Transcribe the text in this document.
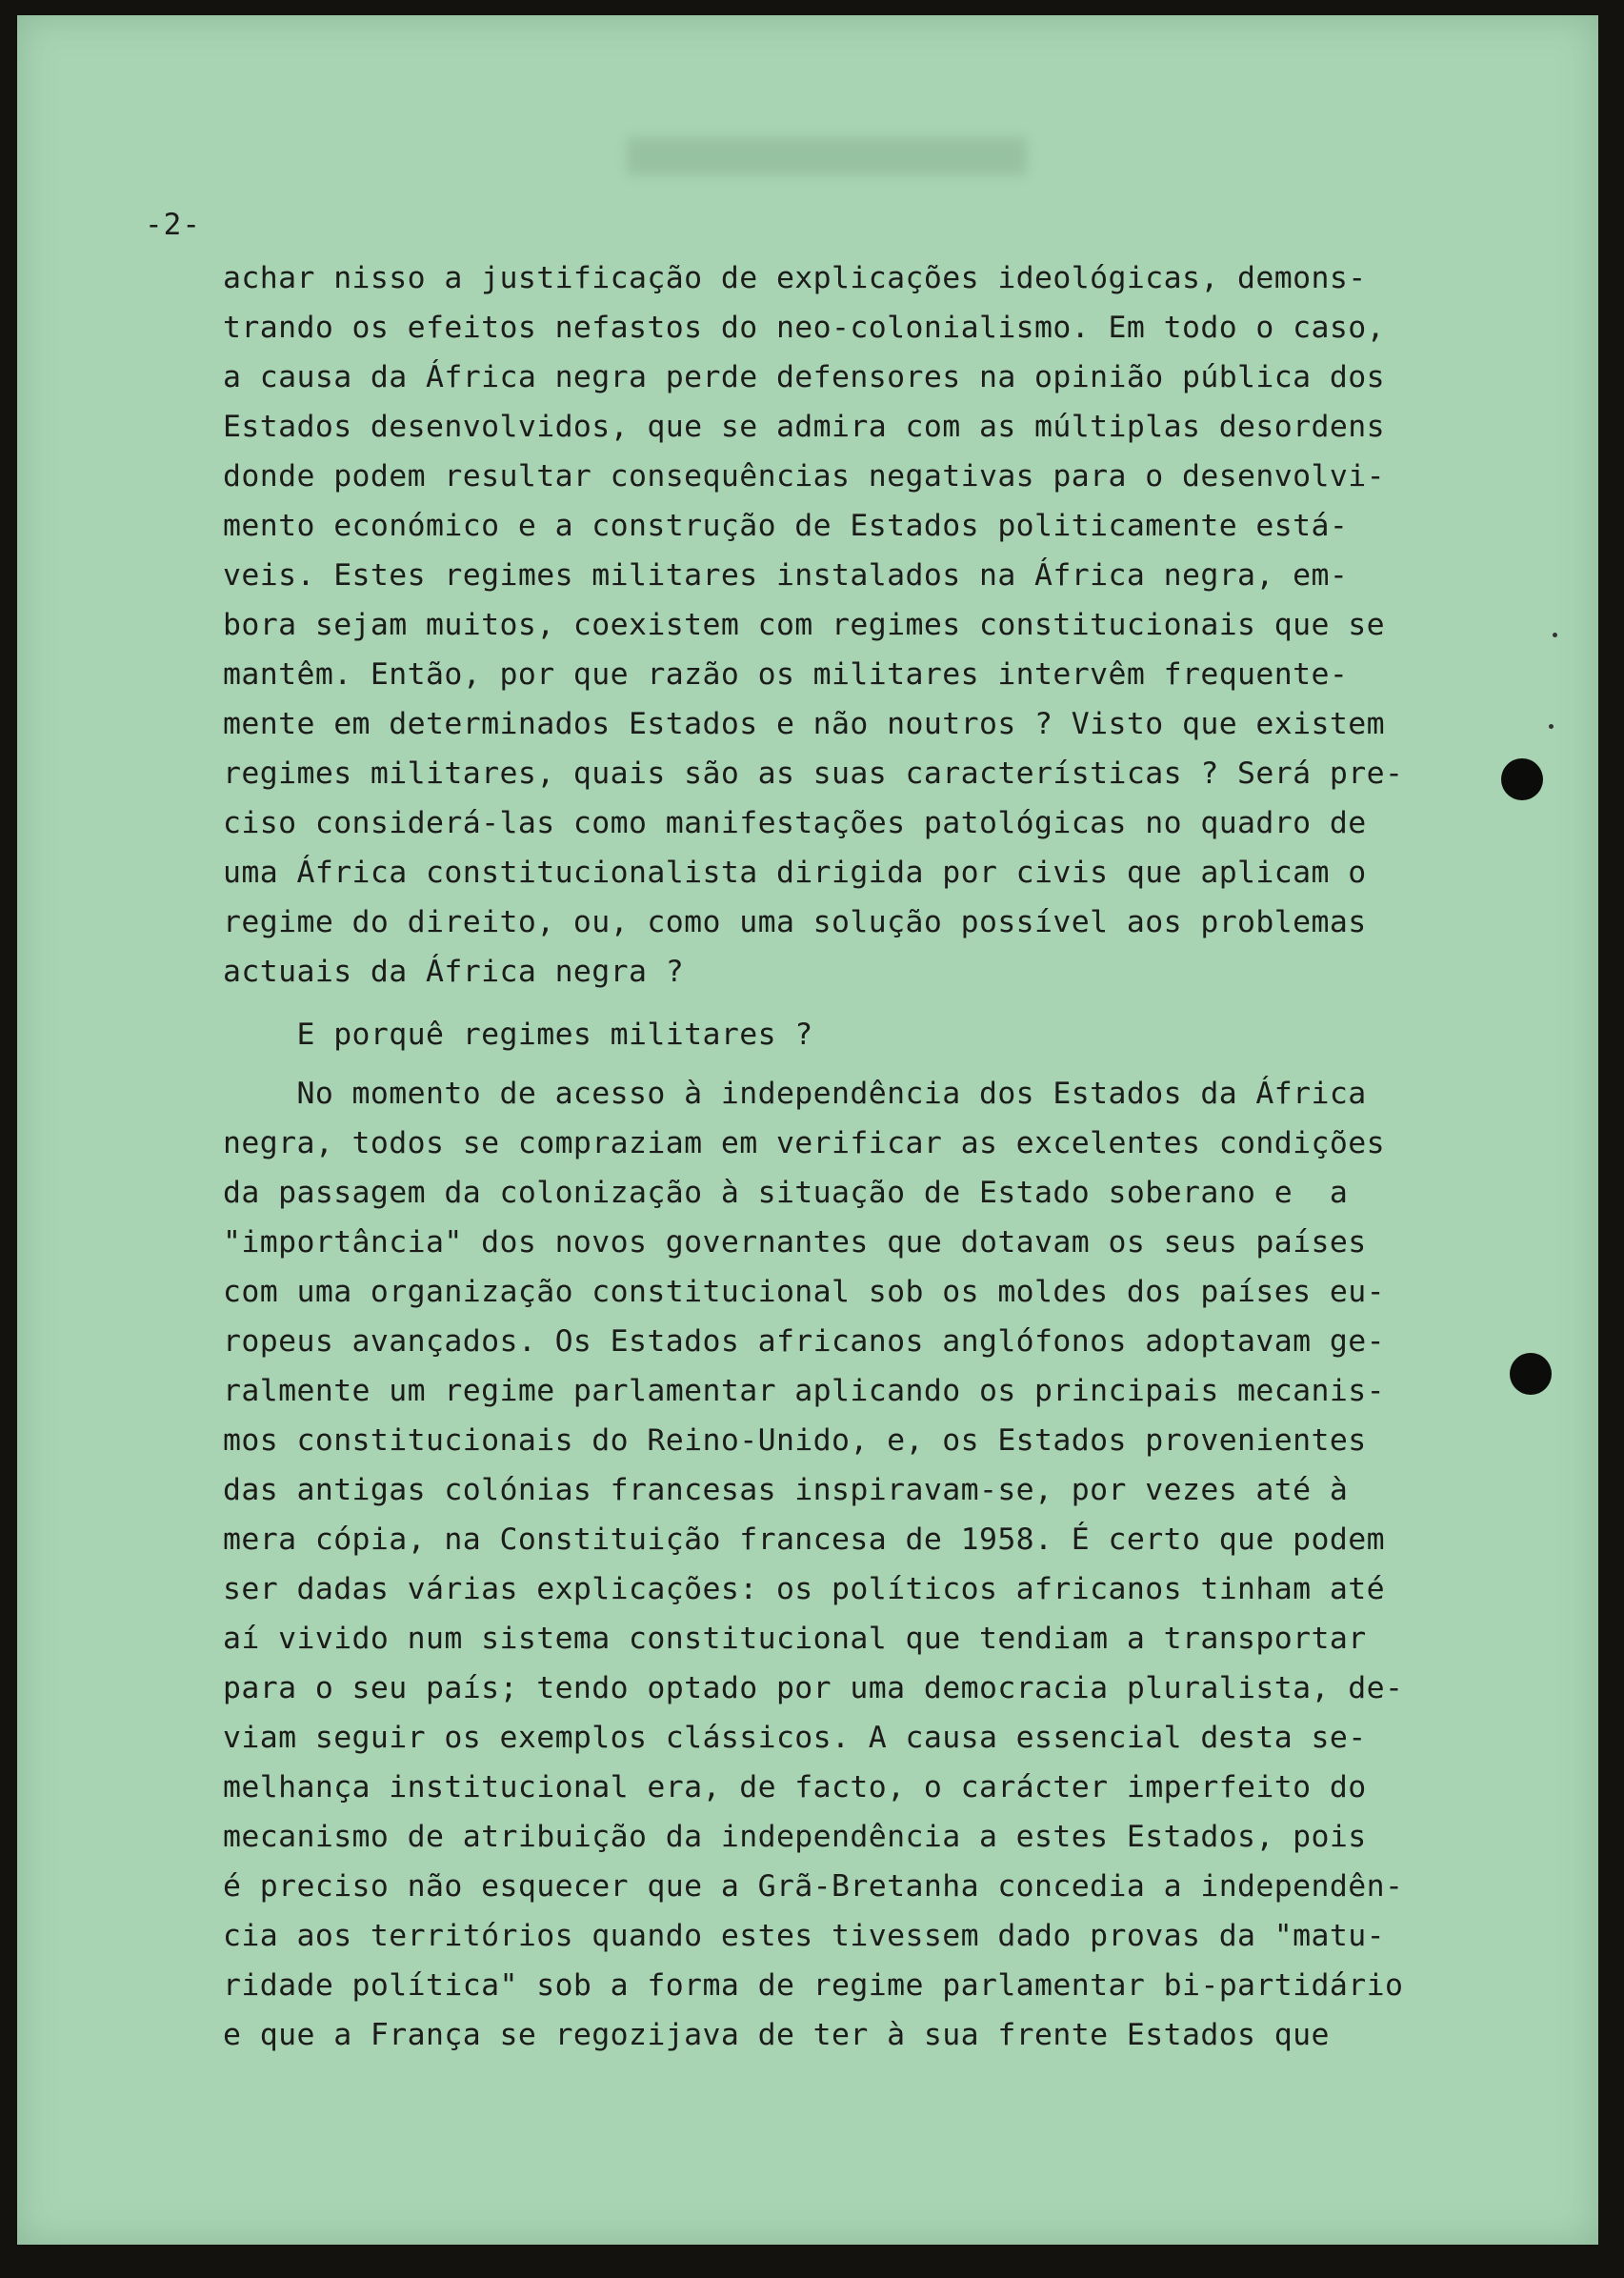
-2-
achar nisso a justificação de explicações ideológicas, demons-
trando os efeitos nefastos do neo-colonialismo. Em todo o caso,
a causa da África negra perde defensores na opinião pública dos
Estados desenvolvidos, que se admira com as múltiplas desordens
donde podem resultar consequências negativas para o desenvolvi-
mento económico e a construção de Estados politicamente está-
veis. Estes regimes militares instalados na África negra, em-
bora sejam muitos, coexistem com regimes constitucionais que se
mantêm. Então, por que razão os militares intervêm frequente-
mente em determinados Estados e não noutros ? Visto que existem
regimes militares, quais são as suas características ? Será pre-
ciso considerá-las como manifestações patológicas no quadro de
uma África constitucionalista dirigida por civis que aplicam o
regime do direito, ou, como uma solução possível aos problemas
actuais da África negra ?
E porquê regimes militares ?
No momento de acesso à independência dos Estados da África
negra, todos se compraziam em verificar as excelentes condições
da passagem da colonização à situação de Estado soberano e  a
"importância" dos novos governantes que dotavam os seus países
com uma organização constitucional sob os moldes dos países eu-
ropeus avançados. Os Estados africanos anglófonos adoptavam ge-
ralmente um regime parlamentar aplicando os principais mecanis-
mos constitucionais do Reino-Unido, e, os Estados provenientes
das antigas colónias francesas inspiravam-se, por vezes até à
mera cópia, na Constituição francesa de 1958. É certo que podem
ser dadas várias explicações: os políticos africanos tinham até
aí vivido num sistema constitucional que tendiam a transportar
para o seu país; tendo optado por uma democracia pluralista, de-
viam seguir os exemplos clássicos. A causa essencial desta se-
melhança institucional era, de facto, o carácter imperfeito do
mecanismo de atribuição da independência a estes Estados, pois
é preciso não esquecer que a Grã-Bretanha concedia a independên-
cia aos territórios quando estes tivessem dado provas da "matu-
ridade política" sob a forma de regime parlamentar bi-partidário
e que a França se regozijava de ter à sua frente Estados que
